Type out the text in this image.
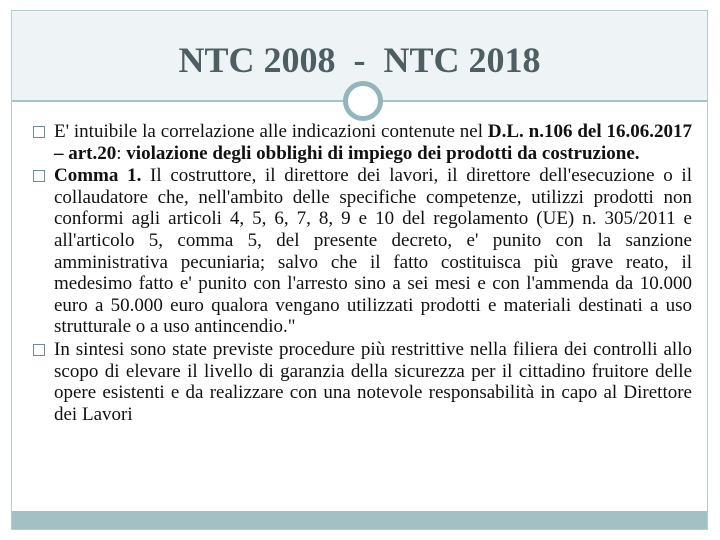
NTC 2008  -  NTC 2018

E' intuibile la correlazione alle indicazioni contenute nel D.L. n.106 del 16.06.2017 – art.20: violazione degli obblighi di impiego dei prodotti da costruzione.

Comma 1. Il costruttore, il direttore dei lavori, il direttore dell'esecuzione o il collaudatore che, nell'ambito delle specifiche competenze, utilizzi prodotti non conformi agli articoli 4, 5, 6, 7, 8, 9 e 10 del regolamento (UE) n. 305/2011 e all'articolo 5, comma 5, del presente decreto, e' punito con la sanzione amministrativa pecuniaria; salvo che il fatto costituisca più grave reato, il medesimo fatto e' punito con l'arresto sino a sei mesi e con l'ammenda da 10.000 euro a 50.000 euro qualora vengano utilizzati prodotti e materiali destinati a uso strutturale o a uso antincendio."

In sintesi sono state previste procedure più restrittive nella filiera dei controlli allo scopo di elevare il livello di garanzia della sicurezza per il cittadino fruitore delle opere esistenti e da realizzare con una notevole responsabilità in capo al Direttore dei Lavori
